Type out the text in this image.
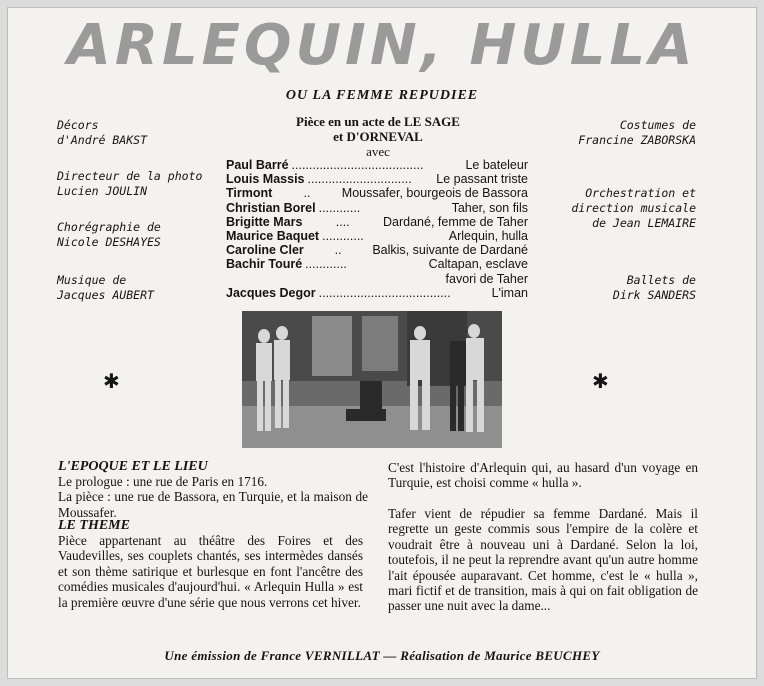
ARLEQUIN, HULLA
OU LA FEMME REPUDIEE
Décors
d'André BAKST
Directeur de la photo
Lucien JOULIN
Chorégraphie de
Nicole DESHAYES
Musique de
Jacques AUBERT
Costumes de
Francine ZABORSKA
Orchestration et
direction musicale
de Jean LEMAIRE
Ballets de
Dirk SANDERS
Pièce en un acte de LE SAGE
et D'ORNEVAL
avec
Paul Barré ......................................	Le bateleur
Louis Massis ..............................	Le passant triste
Tirmont	..	Moussafer, bourgeois de Bassora
Christian Borel ............	Taher, son fils
Brigitte Mars	....	Dardané, femme de Taher
Maurice Baquet ............	Arlequin, hulla
Caroline Cler .. Balkis, suivante de Dardané
Bachir Touré ............	Caltapan, esclave
favori de Taher
Jacques Degor ......................................	L'iman
✱	✱
L'EPOQUE ET LE LIEU
Le prologue : une rue de Paris en 1716.
La pièce : une rue de Bassora, en Turquie, et la maison de Moussafer.
LE THEME
Pièce appartenant au théâtre des Foires et des Vaudevilles, ses couplets chantés, ses intermèdes dansés et son thème satirique et burlesque en font l'ancêtre des comédies musicales d'aujourd'hui. « Arlequin Hulla » est la première œuvre d'une série que nous verrons cet hiver.
C'est l'histoire d'Arlequin qui, au hasard d'un voyage en Turquie, est choisi comme « hulla ».
Tafer vient de répudier sa femme Dardané. Mais il regrette un geste commis sous l'empire de la colère et voudrait être à nouveau uni à Dardané. Selon la loi, toutefois, il ne peut la reprendre avant qu'un autre homme l'ait épousée auparavant. Cet homme, c'est le « hulla », mari fictif et de transition, mais à qui on fait obligation de passer une nuit avec la dame...
Une émission de France VERNILLAT — Réalisation de Maurice BEUCHEY
